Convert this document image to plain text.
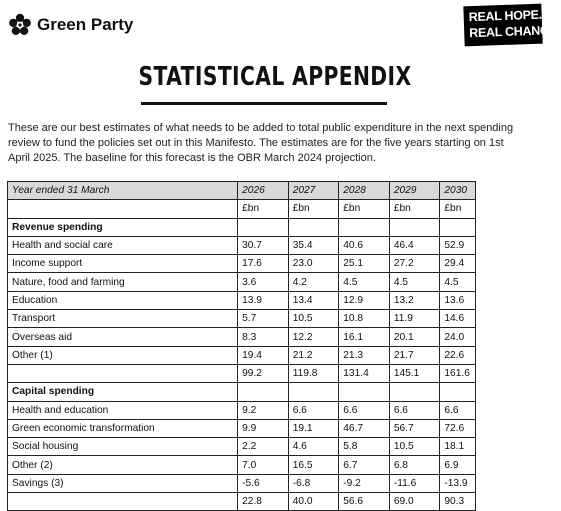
Green Party	REAL HOPE.
REAL CHANGE.
STATISTICAL APPENDIX

These are our best estimates of what needs to be added to total public expenditure in the next spending review to fund the policies set out in this Manifesto. The estimates are for the five years starting on 1st April 2025. The baseline for this forecast is the OBR March 2024 projection.

Year ended 31 March	2026	2027	2028	2029	2030
	£bn	£bn	£bn	£bn	£bn
Revenue spending					
Health and social care	30.7	35.4	40.6	46.4	52.9
Income support	17.6	23.0	25.1	27.2	29.4
Nature, food and farming	3.6	4.2	4.5	4.5	4.5
Education	13.9	13.4	12.9	13.2	13.6
Transport	5.7	10.5	10.8	11.9	14.6
Overseas aid	8.3	12.2	16.1	20.1	24.0
Other (1)	19.4	21.2	21.3	21.7	22.6
	99.2	119.8	131.4	145.1	161.6
Capital spending					
Health and education	9.2	6.6	6.6	6.6	6.6
Green economic transformation	9.9	19.1	46.7	56.7	72.6
Social housing	2.2	4.6	5.8	10.5	18.1
Other (2)	7.0	16.5	6.7	6.8	6.9
Savings (3)	-5.6	-6.8	-9.2	-11.6	-13.9
	22.8	40.0	56.6	69.0	90.3
